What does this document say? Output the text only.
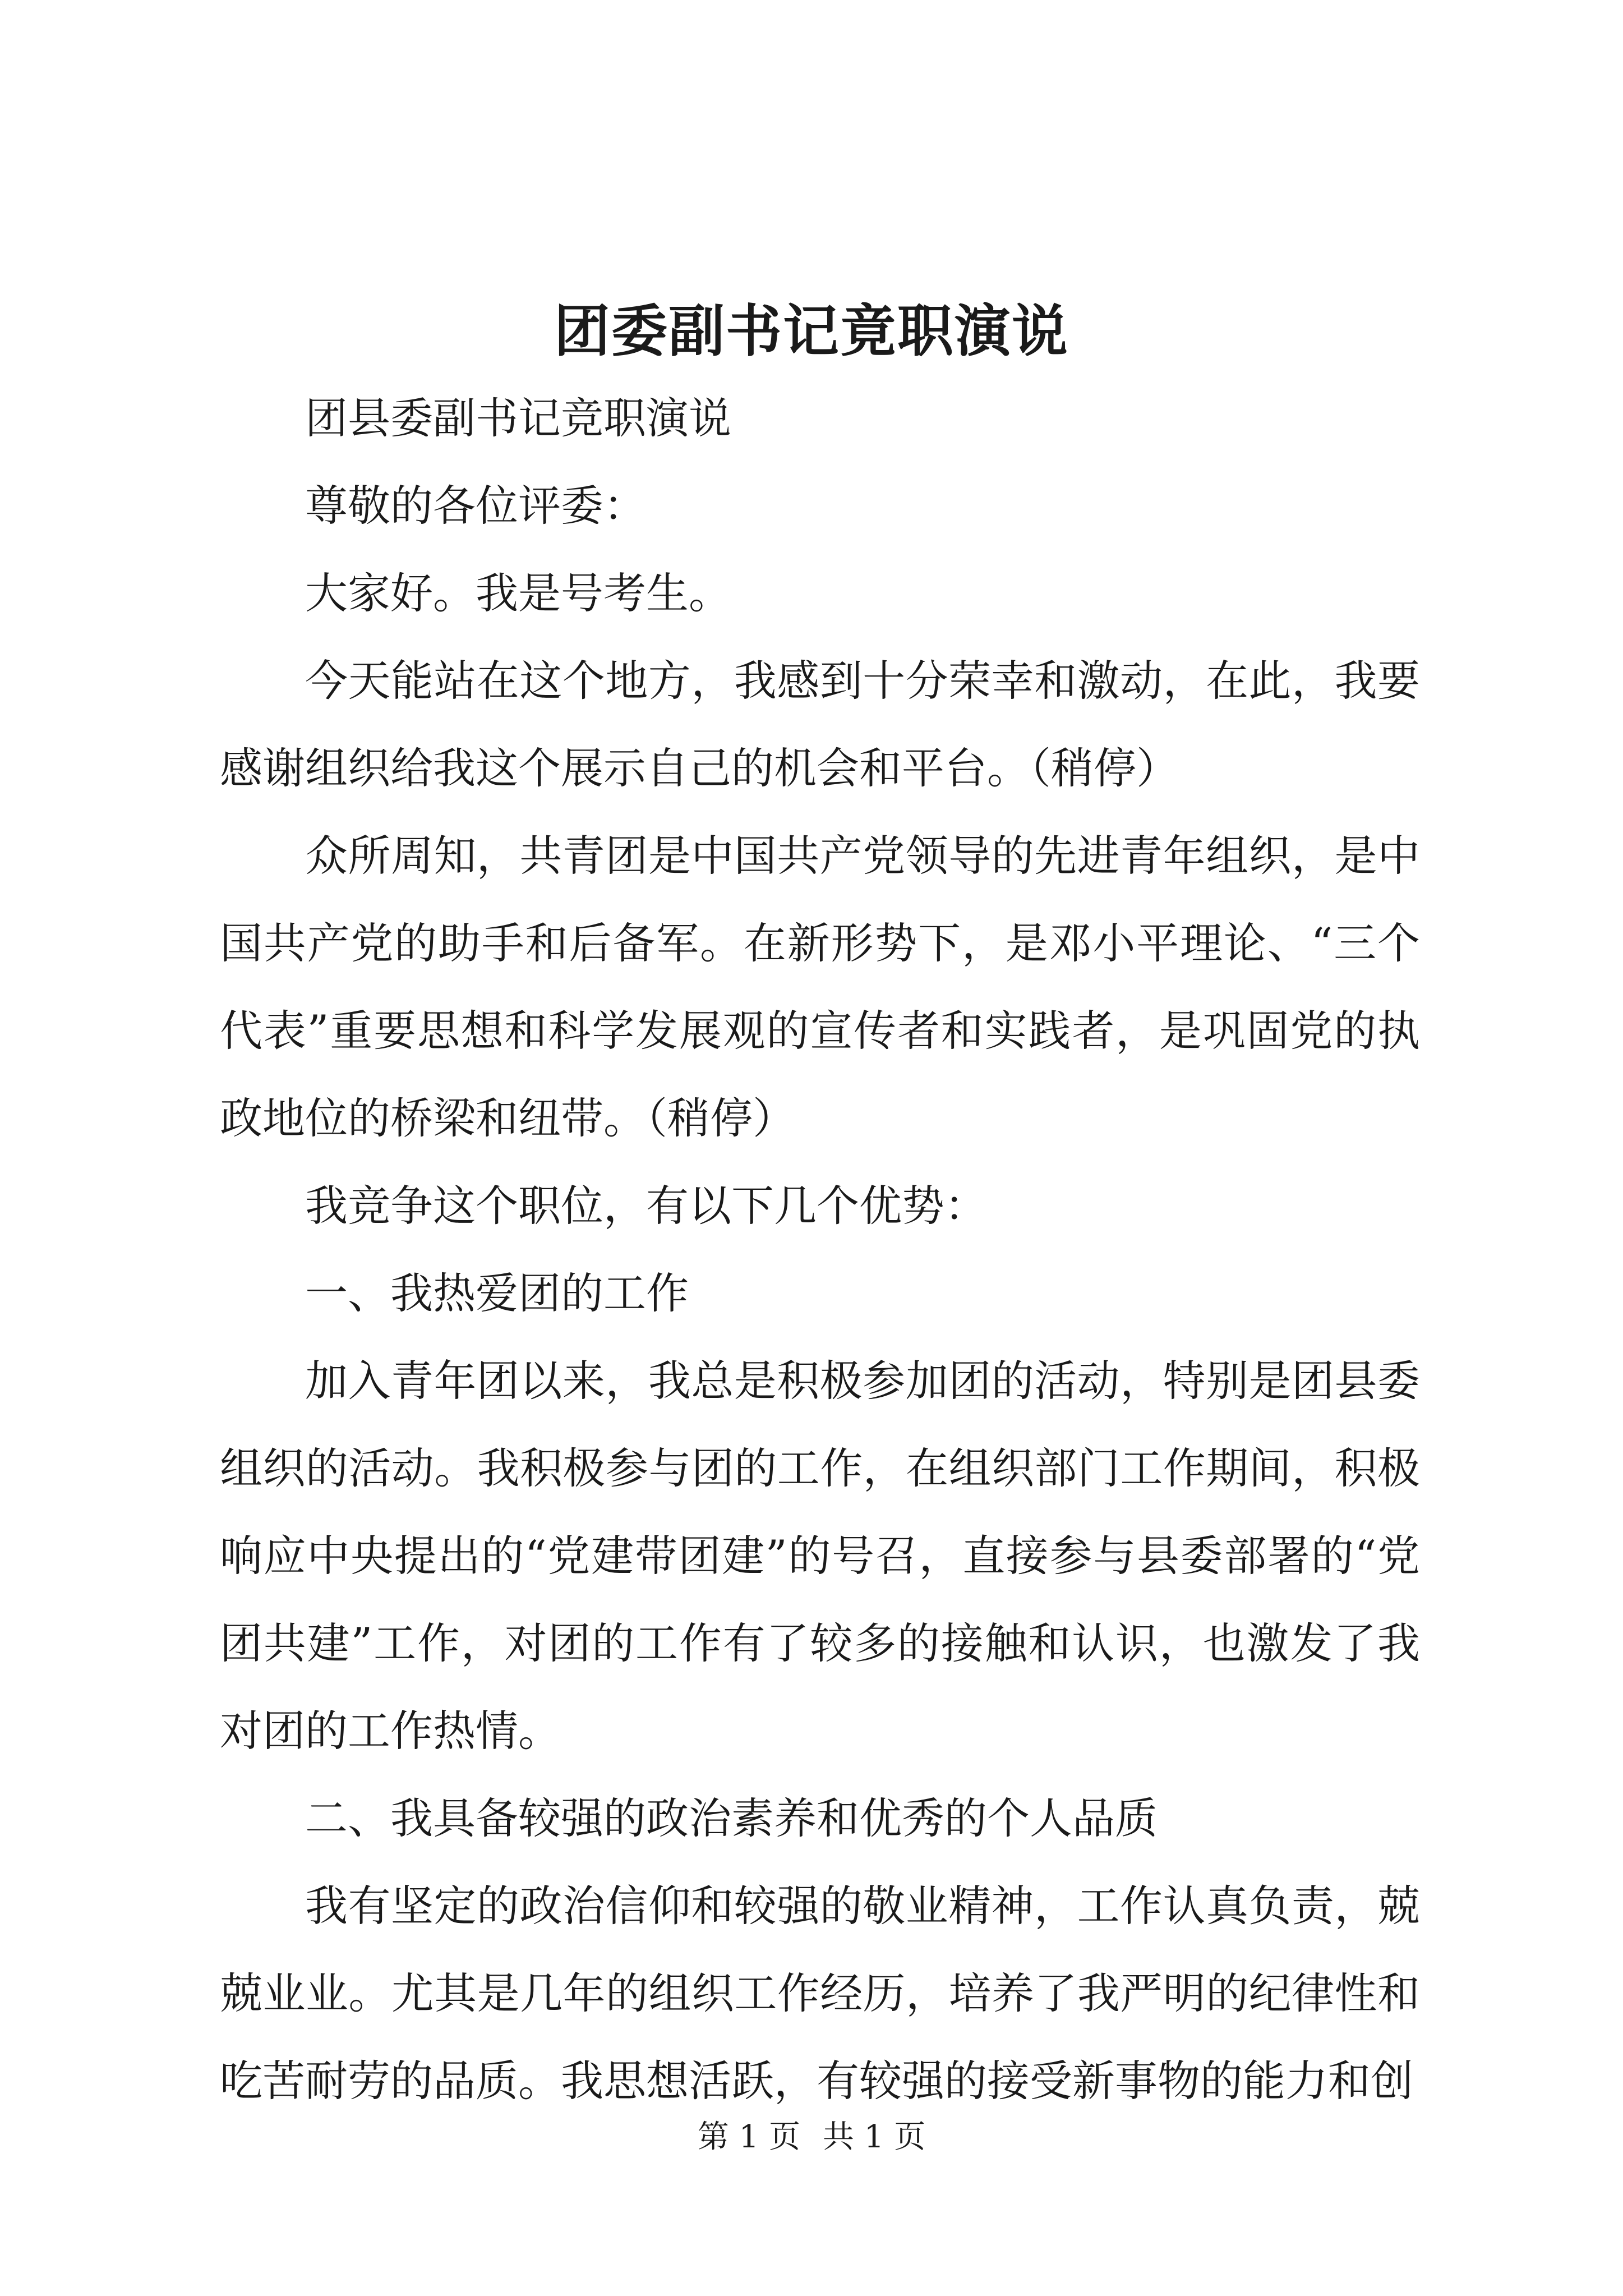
团委副书记竟职演说

团县委副书记竞职演说

尊敬的各位评委：

大家好。我是号考生。

今天能站在这个地方，我感到十分荣幸和激动，在此，我要感谢组织给我这个展示自己的机会和平台。（稍停）

众所周知，共青团是中国共产党领导的先进青年组织，是中国共产党的助手和后备军。在新形势下，是邓小平理论、“三个代表”重要思想和科学发展观的宣传者和实践者，是巩固党的执政地位的桥梁和纽带。（稍停）

我竞争这个职位，有以下几个优势：

一、我热爱团的工作

加入青年团以来，我总是积极参加团的活动，特别是团县委组织的活动。我积极参与团的工作，在组织部门工作期间，积极响应中央提出的“党建带团建”的号召，直接参与县委部署的“党团共建”工作，对团的工作有了较多的接触和认识，也激发了我对团的工作热情。

二、我具备较强的政治素养和优秀的个人品质

我有坚定的政治信仰和较强的敬业精神，工作认真负责，兢兢业业。尤其是几年的组织工作经历，培养了我严明的纪律性和吃苦耐劳的品质。我思想活跃，有较强的接受新事物的能力和创

第 1 页 共 1 页
